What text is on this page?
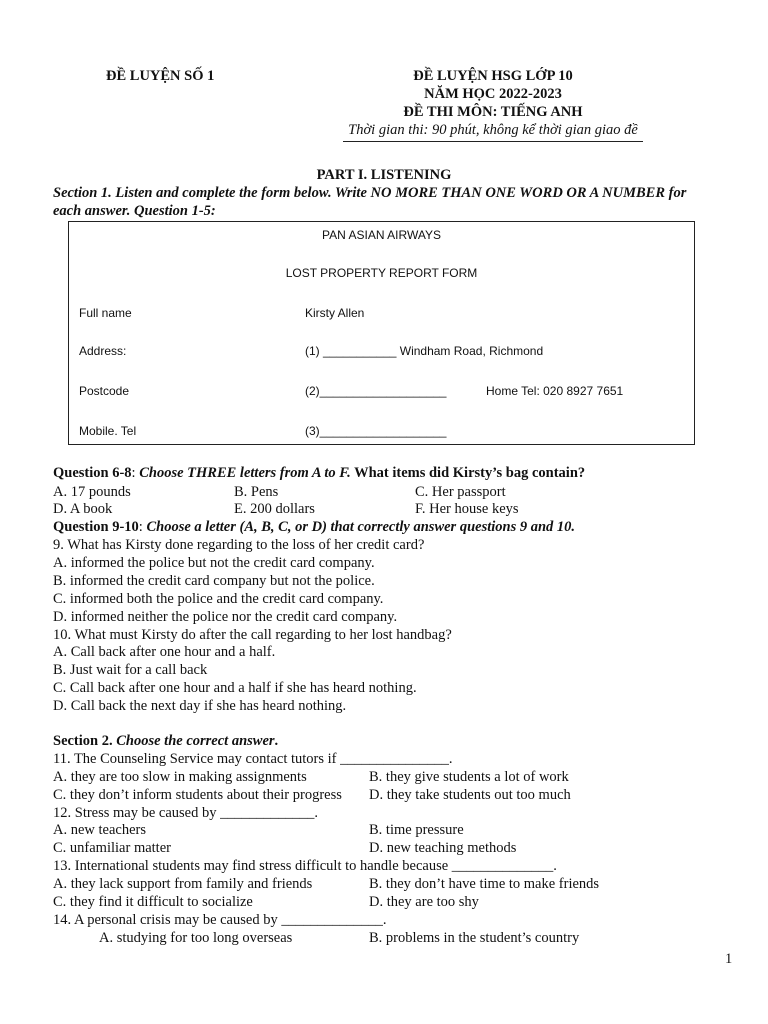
ĐỀ LUYỆN SỐ 1	ĐỀ LUYỆN HSG LỚP 10
NĂM HỌC 2022-2023
ĐỀ THI MÔN: TIẾNG ANH
Thời gian thi: 90 phút, không kể thời gian giao đề
PART I. LISTENING
Section 1. Listen and complete the form below. Write NO MORE THAN ONE WORD OR A NUMBER for
each answer. Question 1-5:
PAN ASIAN AIRWAYS
LOST PROPERTY REPORT FORM
Full name	Kirsty Allen
Address:	(1) ___________ Windham Road, Richmond
Postcode	(2)___________________	Home Tel: 020 8927 7651
Mobile. Tel	(3)___________________
Question 6-8: Choose THREE letters from A to F. What items did Kirsty’s bag contain?
A. 17 pounds	B. Pens	C. Her passport
D. A book	E. 200 dollars	F. Her house keys
Question 9-10: Choose a letter (A, B, C, or D) that correctly answer questions 9 and 10.
9. What has Kirsty done regarding to the loss of her credit card?
A. informed the police but not the credit card company.
B. informed the credit card company but not the police.
C. informed both the police and the credit card company.
D. informed neither the police nor the credit card company.
10. What must Kirsty do after the call regarding to her lost handbag?
A. Call back after one hour and a half.
B. Just wait for a call back
C. Call back after one hour and a half if she has heard nothing.
D. Call back the next day if she has heard nothing.
Section 2. Choose the correct answer.
11. The Counseling Service may contact tutors if _______________.
A. they are too slow in making assignments	B. they give students a lot of work
C. they don’t inform students about their progress D. they take students out too much
12. Stress may be caused by _____________.
A. new teachers	B. time pressure
C. unfamiliar matter	D. new teaching methods
13. International students may find stress difficult to handle because ______________.
A. they lack support from family and friends	B. they don’t have time to make friends
C. they find it difficult to socialize	D. they are too shy
14. A personal crisis may be caused by ______________.
A. studying for too long overseas	B. problems in the student’s country
1
